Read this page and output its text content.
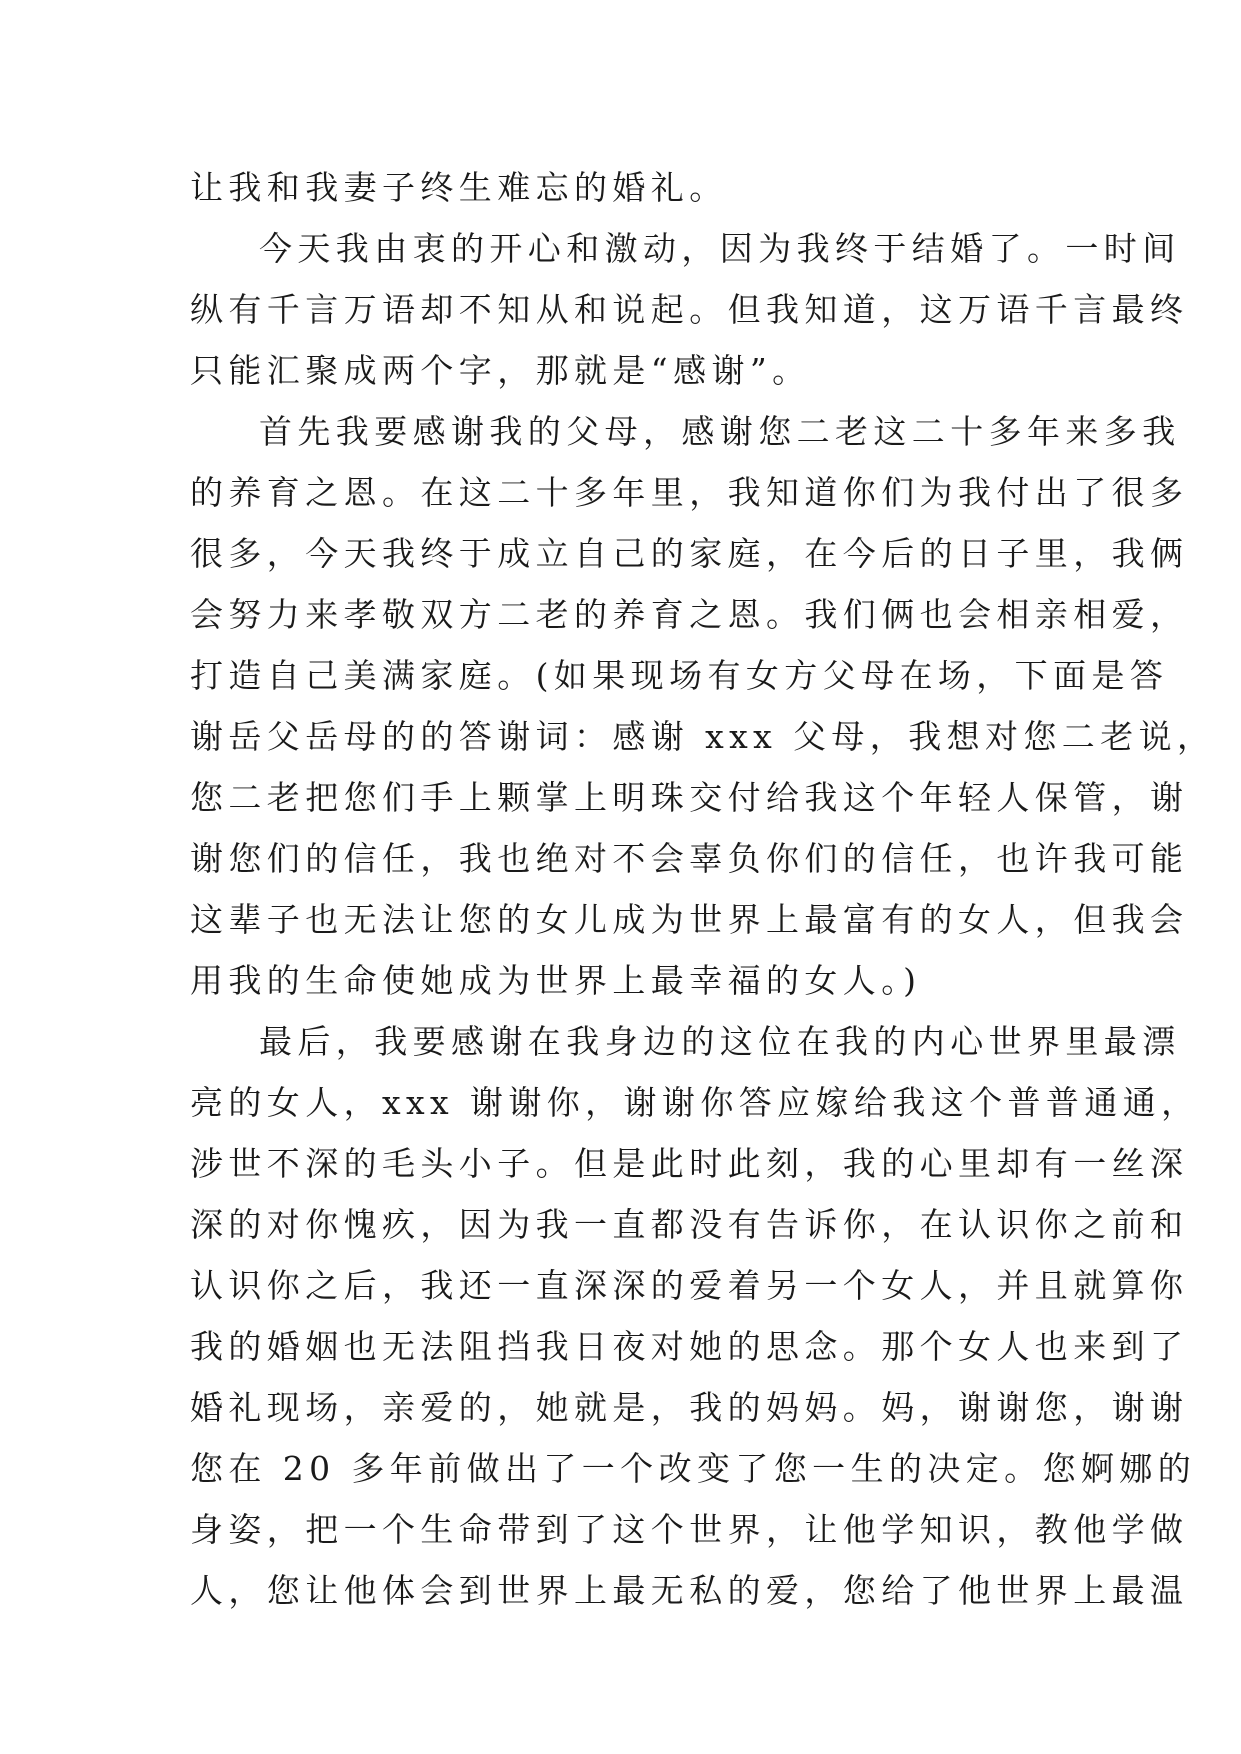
让我和我妻子终生难忘的婚礼。
今天我由衷的开心和激动，因为我终于结婚了。一时间
纵有千言万语却不知从和说起。但我知道，这万语千言最终
只能汇聚成两个字，那就是“感谢”。
首先我要感谢我的父母，感谢您二老这二十多年来多我
的养育之恩。在这二十多年里，我知道你们为我付出了很多
很多，今天我终于成立自己的家庭，在今后的日子里，我俩
会努力来孝敬双方二老的养育之恩。我们俩也会相亲相爱，
打造自己美满家庭。(如果现场有女方父母在场，下面是答
谢岳父岳母的的答谢词：感谢 xxx 父母，我想对您二老说，
您二老把您们手上颗掌上明珠交付给我这个年轻人保管，谢
谢您们的信任，我也绝对不会辜负你们的信任，也许我可能
这辈子也无法让您的女儿成为世界上最富有的女人，但我会
用我的生命使她成为世界上最幸福的女人。)
最后，我要感谢在我身边的这位在我的内心世界里最漂
亮的女人，xxx 谢谢你，谢谢你答应嫁给我这个普普通通，
涉世不深的毛头小子。但是此时此刻，我的心里却有一丝深
深的对你愧疚，因为我一直都没有告诉你，在认识你之前和
认识你之后，我还一直深深的爱着另一个女人，并且就算你
我的婚姻也无法阻挡我日夜对她的思念。那个女人也来到了
婚礼现场，亲爱的，她就是，我的妈妈。妈，谢谢您，谢谢
您在 20 多年前做出了一个改变了您一生的决定。您婀娜的
身姿，把一个生命带到了这个世界，让他学知识，教他学做
人，您让他体会到世界上最无私的爱，您给了他世界上最温
